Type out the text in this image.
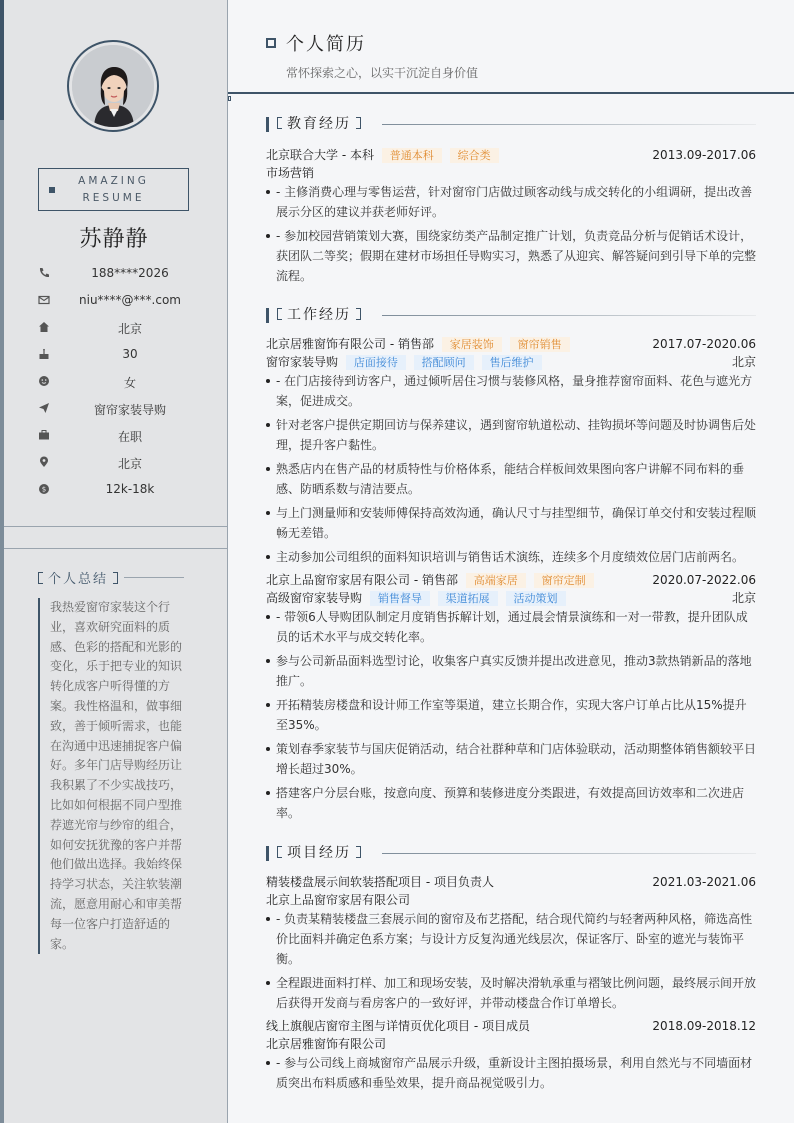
AMAZING
RESUME
苏静静
188****2026
niu****@***.com
北京
30
女
窗帘家装导购
在职
北京
$	12k-18k
个人总结
我热爱窗帘家装这个行业，喜欢研究面料的质感、色彩的搭配和光影的变化，乐于把专业的知识转化成客户听得懂的方案。我性格温和，做事细致，善于倾听需求，也能在沟通中迅速捕捉客户偏好。多年门店导购经历让我积累了不少实战技巧，比如如何根据不同户型推荐遮光帘与纱帘的组合，如何安抚犹豫的客户并帮他们做出选择。我始终保持学习状态，关注软装潮流，愿意用耐心和审美帮每一位客户打造舒适的家。
个人简历
常怀探索之心，以实干沉淀自身价值
教育经历
北京联合大学 - 本科 普通本科 综合类	2013.09-2017.06
市场营销
- 主修消费心理与零售运营，针对窗帘门店做过顾客动线与成交转化的小组调研，提出改善展示分区的建议并获老师好评。
- 参加校园营销策划大赛，围绕家纺类产品制定推广计划，负责竞品分析与促销话术设计，获团队二等奖；假期在建材市场担任导购实习，熟悉了从迎宾、解答疑问到引导下单的完整流程。
工作经历
北京居雅窗饰有限公司 - 销售部 家居装饰 窗帘销售	2017.07-2020.06
窗帘家装导购 店面接待 搭配顾问 售后维护	北京
- 在门店接待到访客户，通过倾听居住习惯与装修风格，量身推荐窗帘面料、花色与遮光方案，促进成交。
针对老客户提供定期回访与保养建议，遇到窗帘轨道松动、挂钩损坏等问题及时协调售后处理，提升客户黏性。
熟悉店内在售产品的材质特性与价格体系，能结合样板间效果图向客户讲解不同布料的垂感、防晒系数与清洁要点。
与上门测量师和安装师傅保持高效沟通，确认尺寸与挂型细节，确保订单交付和安装过程顺畅无差错。
主动参加公司组织的面料知识培训与销售话术演练，连续多个月度绩效位居门店前两名。
北京上品窗帘家居有限公司 - 销售部 高端家居 窗帘定制	2020.07-2022.06
高级窗帘家装导购 销售督导 渠道拓展 活动策划	北京
- 带领6人导购团队制定月度销售拆解计划，通过晨会情景演练和一对一带教，提升团队成员的话术水平与成交转化率。
参与公司新品面料选型讨论，收集客户真实反馈并提出改进意见，推动3款热销新品的落地推广。
开拓精装房楼盘和设计师工作室等渠道，建立长期合作，实现大客户订单占比从15%提升至35%。
策划春季家装节与国庆促销活动，结合社群种草和门店体验联动，活动期整体销售额较平日增长超过30%。
搭建客户分层台账，按意向度、预算和装修进度分类跟进，有效提高回访效率和二次进店率。
项目经历
精装楼盘展示间软装搭配项目 - 项目负责人	2021.03-2021.06
北京上品窗帘家居有限公司
- 负责某精装楼盘三套展示间的窗帘及布艺搭配，结合现代简约与轻奢两种风格，筛选高性价比面料并确定色系方案；与设计方反复沟通光线层次，保证客厅、卧室的遮光与装饰平衡。
全程跟进面料打样、加工和现场安装，及时解决滑轨承重与褶皱比例问题，最终展示间开放后获得开发商与看房客户的一致好评，并带动楼盘合作订单增长。
线上旗舰店窗帘主图与详情页优化项目 - 项目成员	2018.09-2018.12
北京居雅窗饰有限公司
- 参与公司线上商城窗帘产品展示升级，重新设计主图拍摄场景，利用自然光与不同墙面材质突出布料质感和垂坠效果，提升商品视觉吸引力。
